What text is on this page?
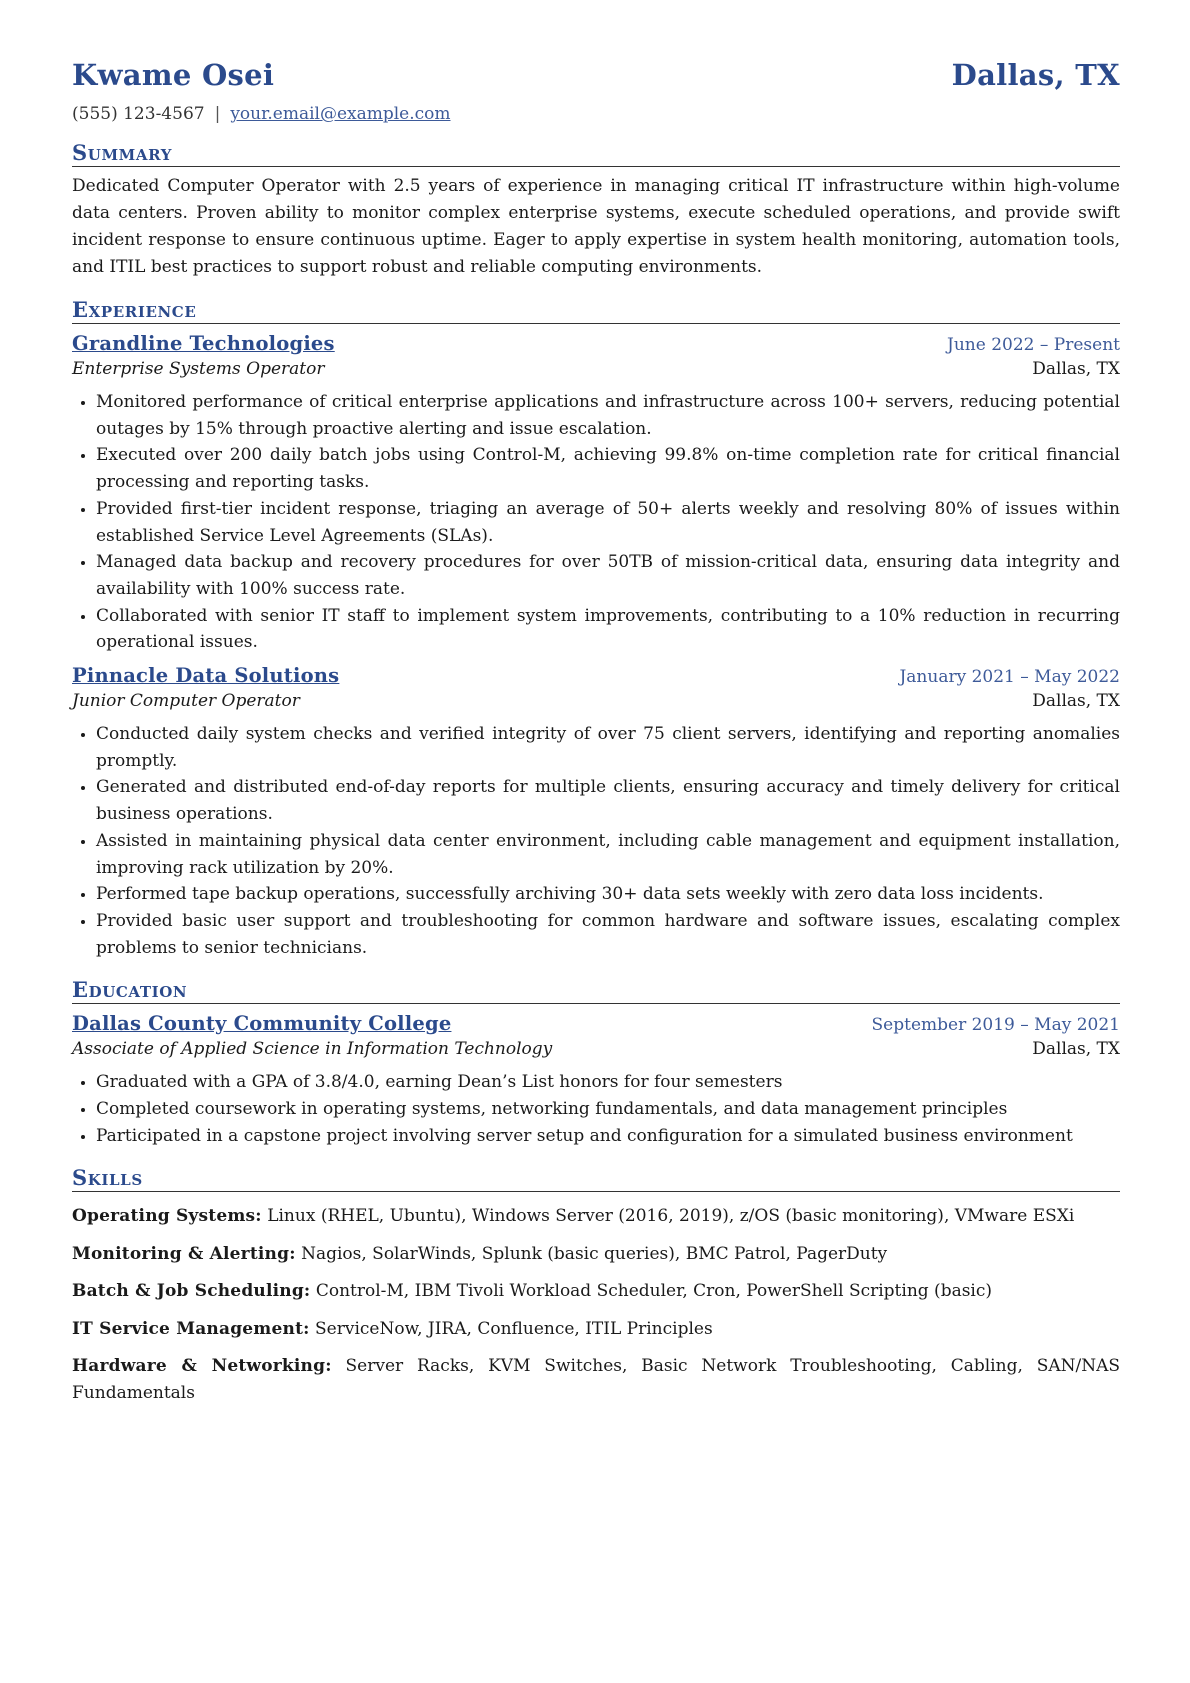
Kwame Osei	Dallas, TX
(555) 123-4567 | your.email@example.com
Summary
Dedicated Computer Operator with 2.5 years of experience in managing critical IT infrastructure within high-volume data centers. Proven ability to monitor complex enterprise systems, execute scheduled operations, and provide swift incident response to ensure continuous uptime. Eager to apply expertise in system health monitoring, automation tools, and ITIL best practices to support robust and reliable computing environments.
Experience
Grandline Technologies	June 2022 – Present
Enterprise Systems Operator	Dallas, TX
• Monitored performance of critical enterprise applications and infrastructure across 100+ servers, reducing potential outages by 15% through proactive alerting and issue escalation.
• Executed over 200 daily batch jobs using Control-M, achieving 99.8% on-time completion rate for critical financial processing and reporting tasks.
• Provided first-tier incident response, triaging an average of 50+ alerts weekly and resolving 80% of issues within established Service Level Agreements (SLAs).
• Managed data backup and recovery procedures for over 50TB of mission-critical data, ensuring data integrity and availability with 100% success rate.
• Collaborated with senior IT staff to implement system improvements, contributing to a 10% reduction in recurring operational issues.
Pinnacle Data Solutions	January 2021 – May 2022
Junior Computer Operator	Dallas, TX
• Conducted daily system checks and verified integrity of over 75 client servers, identifying and reporting anomalies promptly.
• Generated and distributed end-of-day reports for multiple clients, ensuring accuracy and timely delivery for critical business operations.
• Assisted in maintaining physical data center environment, including cable management and equipment installation, improving rack utilization by 20%.
• Performed tape backup operations, successfully archiving 30+ data sets weekly with zero data loss incidents.
• Provided basic user support and troubleshooting for common hardware and software issues, escalating complex problems to senior technicians.
Education
Dallas County Community College	September 2019 – May 2021
Associate of Applied Science in Information Technology	Dallas, TX
• Graduated with a GPA of 3.8/4.0, earning Dean’s List honors for four semesters
• Completed coursework in operating systems, networking fundamentals, and data management principles
• Participated in a capstone project involving server setup and configuration for a simulated business environment
Skills
Operating Systems: Linux (RHEL, Ubuntu), Windows Server (2016, 2019), z/OS (basic monitoring), VMware ESXi
Monitoring & Alerting: Nagios, SolarWinds, Splunk (basic queries), BMC Patrol, PagerDuty
Batch & Job Scheduling: Control-M, IBM Tivoli Workload Scheduler, Cron, PowerShell Scripting (basic)
IT Service Management: ServiceNow, JIRA, Confluence, ITIL Principles
Hardware & Networking: Server Racks, KVM Switches, Basic Network Troubleshooting, Cabling, SAN/NAS Fundamentals
